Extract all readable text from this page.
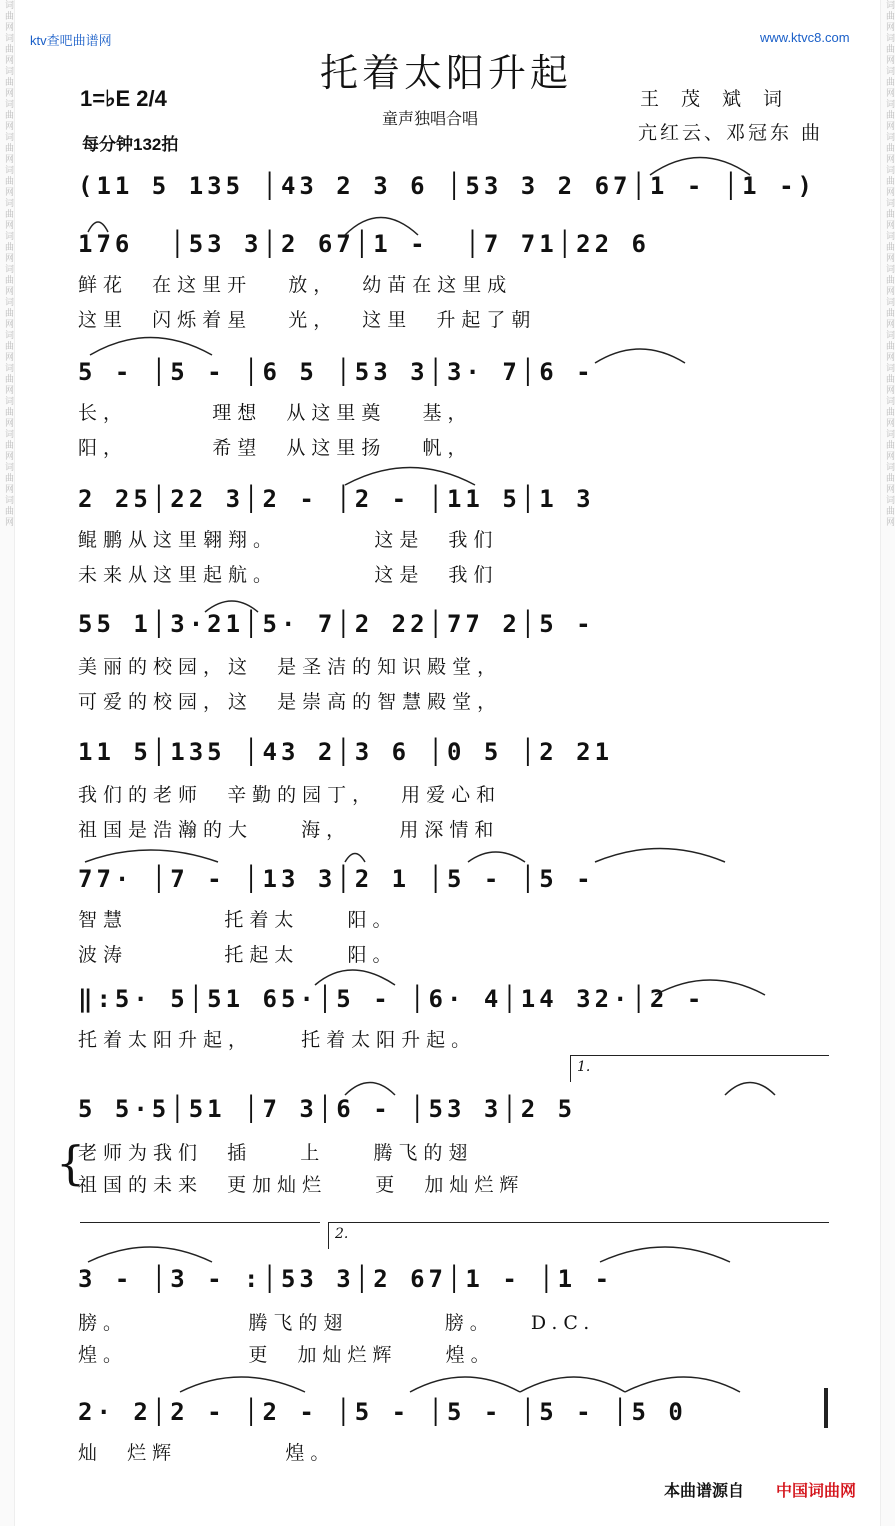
词曲网词曲网词曲网词曲网词曲网词曲网词曲网词曲网词曲网词曲网词曲网词曲网词曲网词曲网词曲网词曲网	词曲网词曲网词曲网词曲网词曲网词曲网词曲网词曲网词曲网词曲网词曲网词曲网词曲网词曲网词曲网词曲网
ktv查吧曲谱网	www.ktvc8.com
托着太阳升起
1=♭E 2/4
每分钟132拍
童声独唱合唱
王茂斌词
亢红云、邓冠东 曲
(11 5 135 │43 2 3 6 │53 3 2 67│1 - │1 -)
176  │53 3│2 67│1 -  │7 71│22 6
鲜花  在这里开   放，  幼苗在这里成
这里  闪烁着星   光，  这里  升起了朝
5 - │5 - │6 5 │53 3│3· 7│6 -
长，       理想  从这里奠   基，
阳，       希望  从这里扬   帆，
2 25│22 3│2 - │2 - │11 5│1 3
鲲鹏从这里翱翔。        这是  我们
未来从这里起航。        这是  我们
55 1│3·21│5· 7│2 22│77 2│5 -
美丽的校园，这  是圣洁的知识殿堂，
可爱的校园，这  是崇高的智慧殿堂，
11 5│135 │43 2│3 6 │0 5 │2 21
我们的老师  辛勤的园丁，  用爱心和
祖国是浩瀚的大    海，    用深情和
77· │7 - │13 3│2 1 │5 - │5 -
智慧        托着太    阳。
波涛        托起太    阳。
‖:5· 5│51 65·│5 - │6· 4│14 32·│2 -
托着太阳升起，    托着太阳升起。
5 5·5│51 │7 3│6 - │53 3│2 5
老师为我们  插    上    腾飞的翅
祖国的未来  更加灿烂    更  加灿烂辉
3 - │3 - :│53 3│2 67│1 - │1 -
膀。          腾飞的翅        膀。   D.C.
煌。          更  加灿烂辉    煌。
2· 2│2 - │2 - │5 - │5 - │5 - │5 0
灿  烂辉         煌。
1.
2.
{
本曲谱源自 中国词曲网
